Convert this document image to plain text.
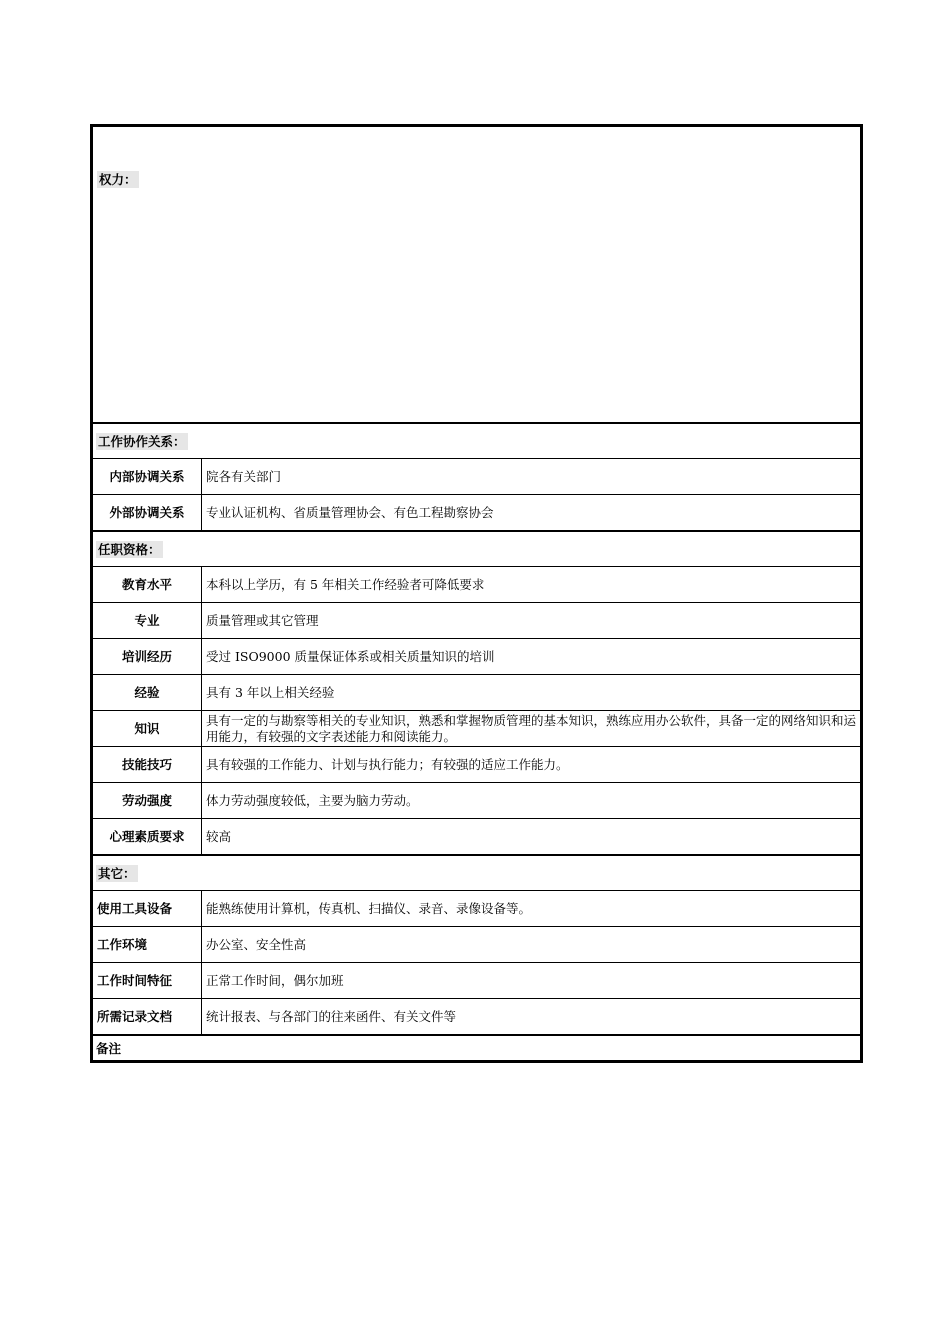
权力：	
工作协作关系：	
内部协调关系	院各有关部门
外部协调关系	专业认证机构、省质量管理协会、有色工程勘察协会
任职资格：	
教育水平	本科以上学历，有 5 年相关工作经验者可降低要求
专业	质量管理或其它管理
培训经历	受过 ISO9000 质量保证体系或相关质量知识的培训
经验	具有 3 年以上相关经验
知识	具有一定的与勘察等相关的专业知识，熟悉和掌握物质管理的基本知识，熟练应用办公软件，具备一定的网络知识和运用能力，有较强的文字表述能力和阅读能力。
技能技巧	具有较强的工作能力、计划与执行能力；有较强的适应工作能力。
劳动强度	体力劳动强度较低，主要为脑力劳动。
心理素质要求	较高
其它：	
使用工具设备	能熟练使用计算机，传真机、扫描仪、录音、录像设备等。
工作环境	办公室、安全性高
工作时间特征	正常工作时间，偶尔加班
所需记录文档	统计报表、与各部门的往来函件、有关文件等
备注	
